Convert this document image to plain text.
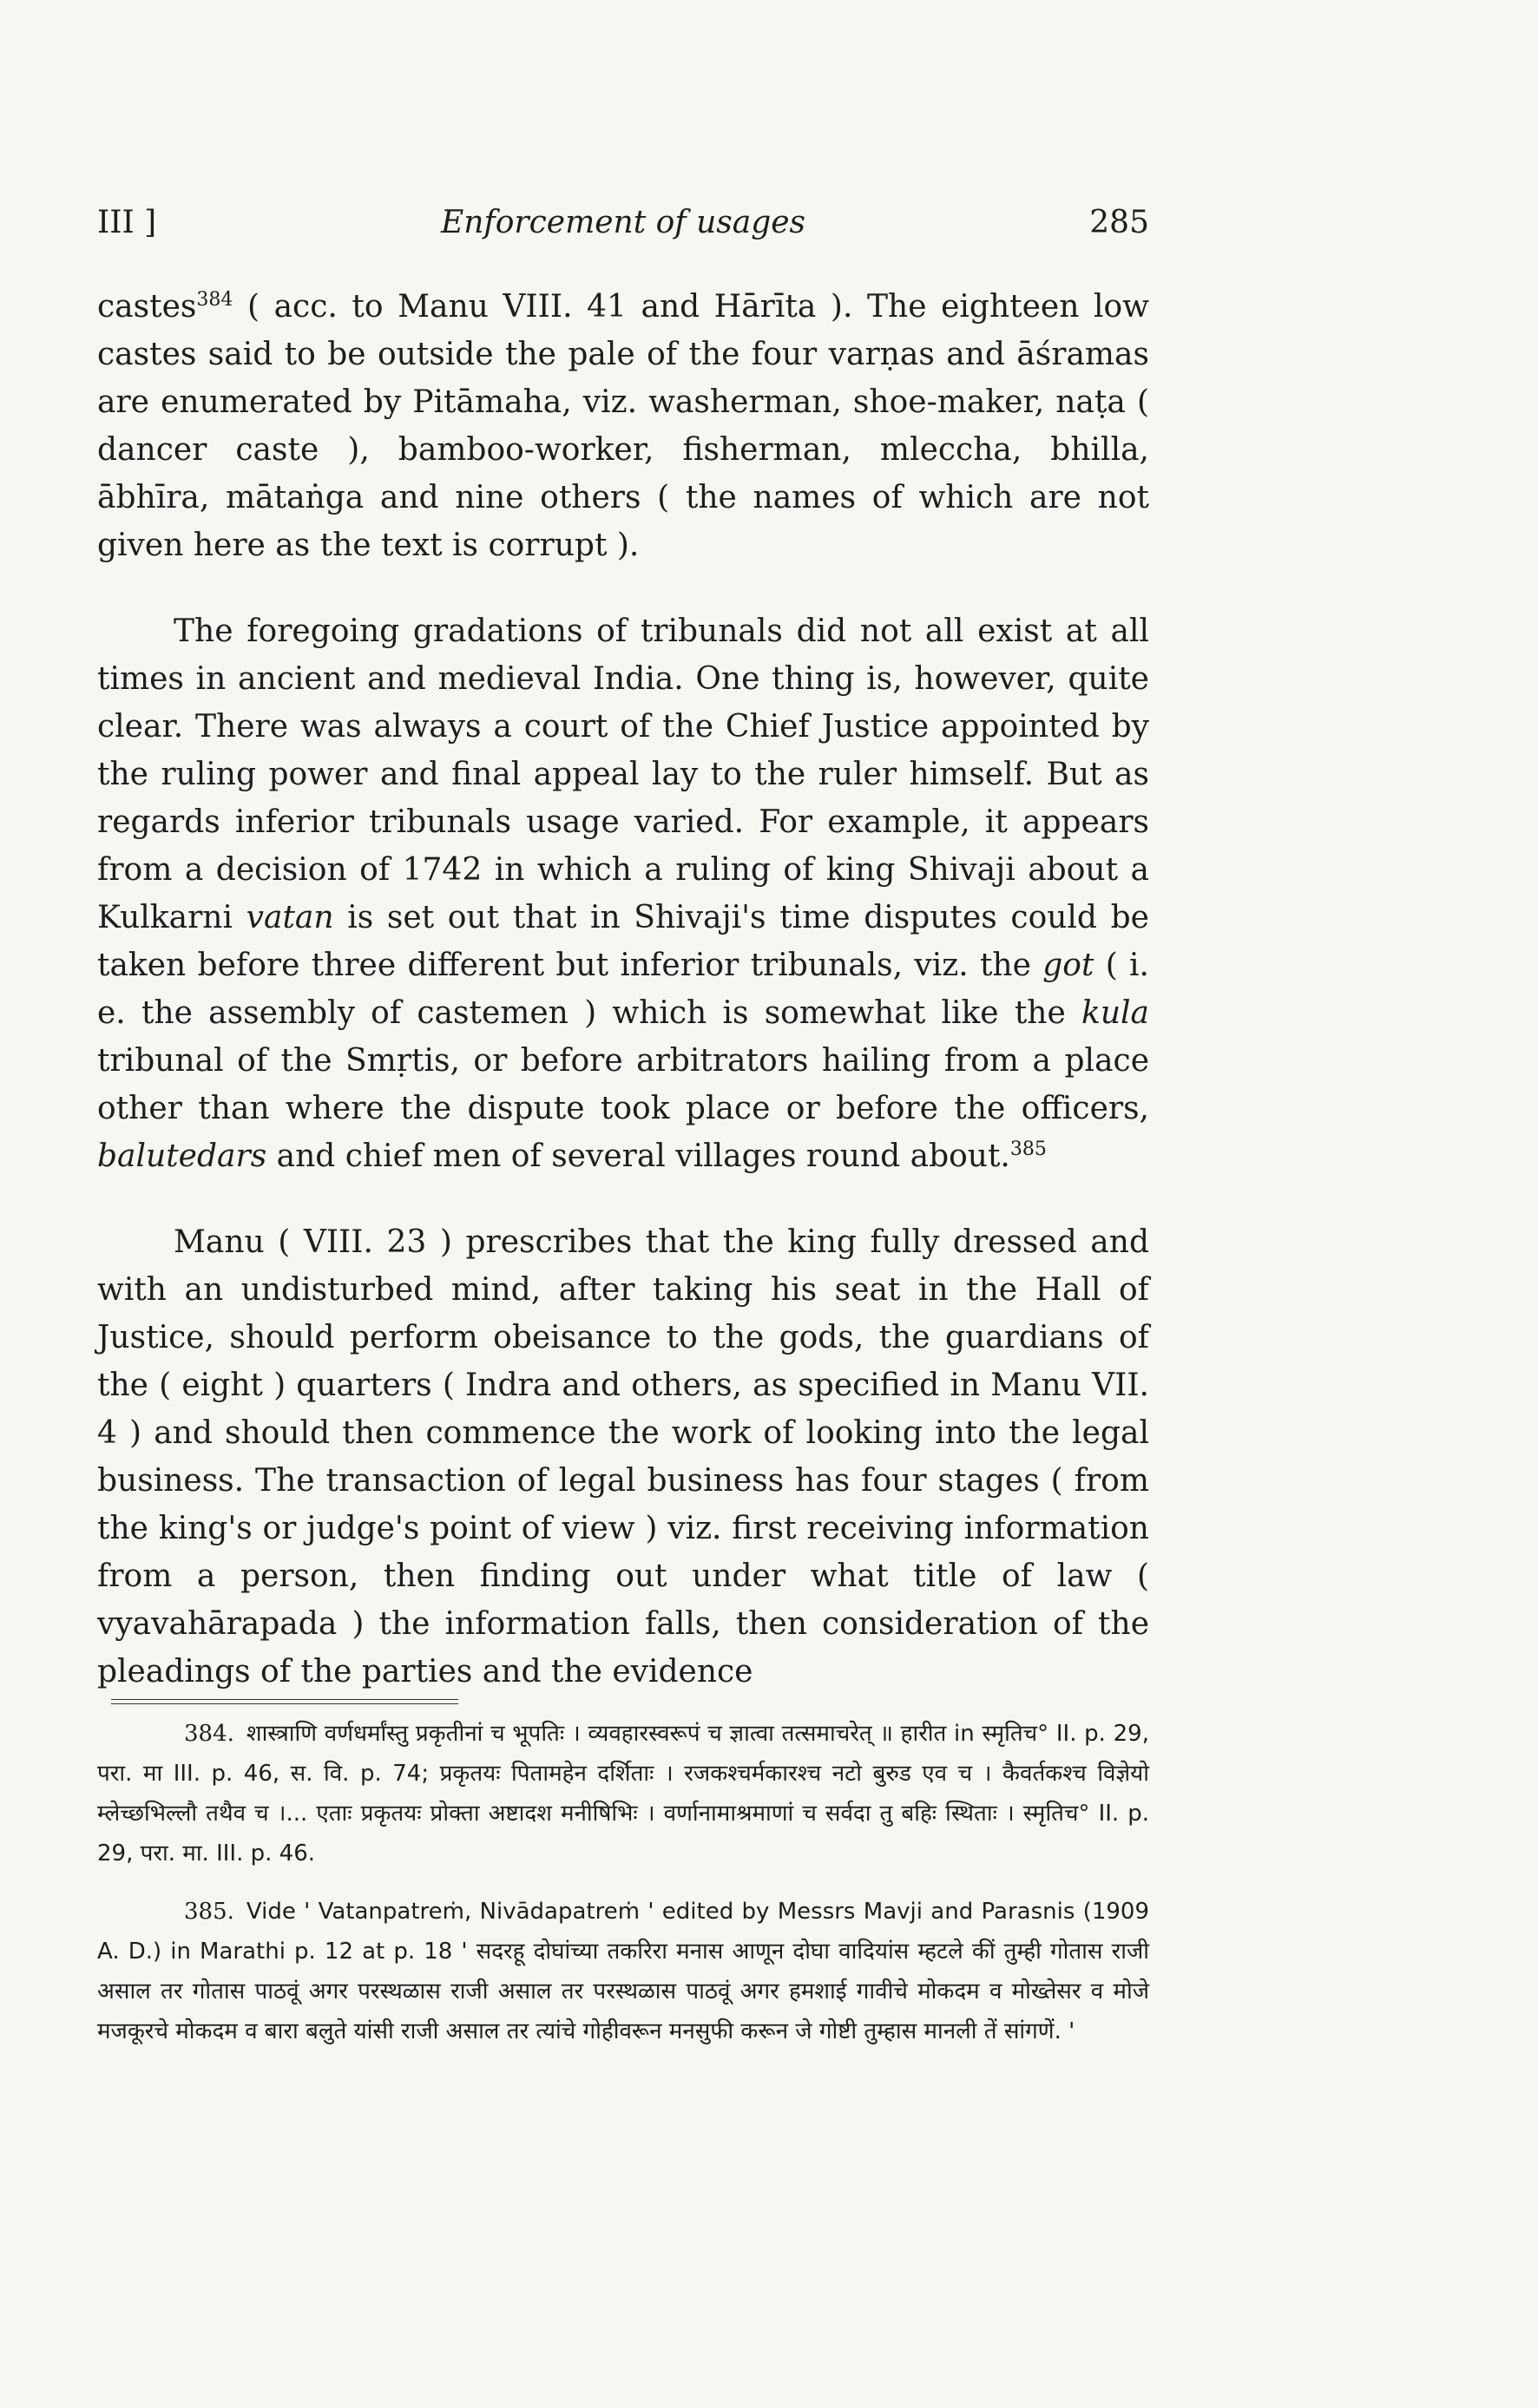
III ]	Enforcement of usages	285

castes$^{384}$ ( acc. to Manu VIII. 41 and Hārīta ). The eighteen low castes said to be outside the pale of the four varṇas and āśramas are enumerated by Pitāmaha, viz. washerman, shoe-maker, naṭa ( dancer caste ), bamboo-worker, fisherman, mleccha, bhilla, ābhīra, mātaṅga and nine others ( the names of which are not given here as the text is corrupt ).

The foregoing gradations of tribunals did not all exist at all times in ancient and medieval India. One thing is, however, quite clear. There was always a court of the Chief Justice appointed by the ruling power and final appeal lay to the ruler himself. But as regards inferior tribunals usage varied. For example, it appears from a decision of 1742 in which a ruling of king Shivaji about a Kulkarni vatan is set out that in Shivaji's time disputes could be taken before three different but inferior tribunals, viz. the got ( i. e. the assembly of castemen ) which is somewhat like the kula tribunal of the Smṛtis, or before arbitrators hailing from a place other than where the dispute took place or before the officers, balutedars and chief men of several villages round about.$^{385}$

Manu ( VIII. 23 ) prescribes that the king fully dressed and with an undisturbed mind, after taking his seat in the Hall of Justice, should perform obeisance to the gods, the guardians of the ( eight ) quarters ( Indra and others, as specified in Manu VII. 4 ) and should then commence the work of looking into the legal business. The transaction of legal business has four stages ( from the king's or judge's point of view ) viz. first receiving information from a person, then finding out under what title of law ( vyavahārapada ) the information falls, then consideration of the pleadings of the parties and the evidence

384. शास्त्राणि वर्णधर्मांस्तु प्रकृतीनां च भूपतिः । व्यवहारस्वरूपं च ज्ञात्वा तत्समाचरेत् ॥ हारीत in स्मृतिच° II. p. 29, परा. मा III. p. 46, स. वि. p. 74; प्रकृतयः पितामहेन दर्शिताः । रजकश्चर्मकारश्च नटो बुरुड एव च । कैवर्तकश्च विज्ञेयो म्लेच्छभिल्लौ तथैव च ।... एताः प्रकृतयः प्रोक्ता अष्टादश मनीषिभिः । वर्णानामाश्रमाणां च सर्वदा तु बहिः स्थिताः । स्मृतिच° II. p. 29, परा. मा. III. p. 46.
385. Vide ' Vatanpatreṁ, Nivādapatreṁ ' edited by Messrs Mavji and Parasnis (1909 A. D.) in Marathi p. 12 at p. 18 ' सदरहू दोघांच्या तकरिरा मनास आणून दोघा वादियांस म्हटले कीं तुम्ही गोतास राजी असाल तर गोतास पाठवूं अगर परस्थळास राजी असाल तर परस्थळास पाठवूं अगर हमशाई गावीचे मोकदम व मोख्तेसर व मोजे मजकूरचे मोकदम व बारा बलुते यांसी राजी असाल तर त्यांचे गोहीवरून मनसुफी करून जे गोष्टी तुम्हास मानली तें सांगणें. '
